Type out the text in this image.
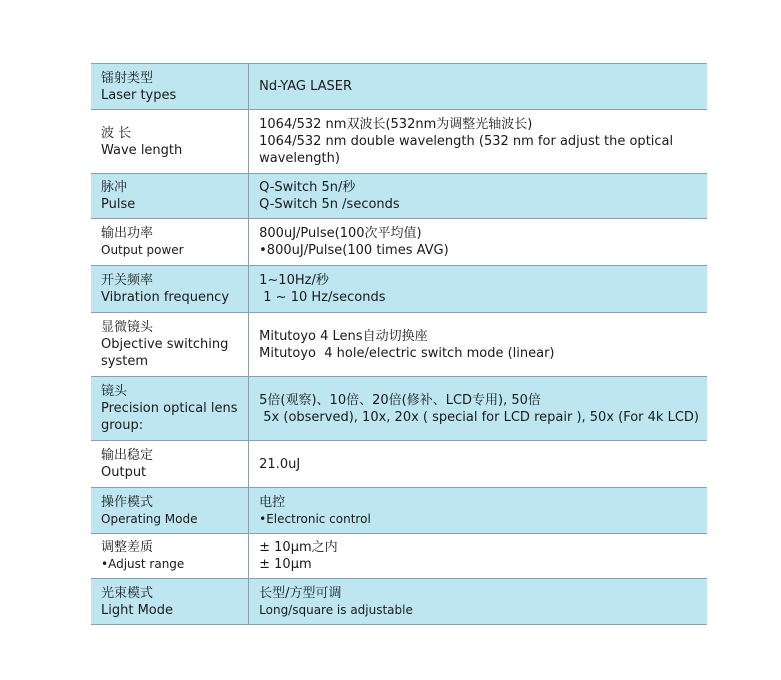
镭射类型
Laser types	Nd-YAG LASER

波 长
Wave length	1064/532 nm双波长(532nm为调整光轴波长)
1064/532 nm double wavelength (532 nm for adjust the optical
wavelength)

脉冲
Pulse	Q-Switch 5n/秒
Q-Switch 5n /seconds

输出功率
Output power	800uJ/Pulse(100次平均值)
•800uJ/Pulse(100 times AVG)

开关频率
Vibration frequency	1~10Hz/秒
1 ~ 10 Hz/seconds

显微镜头
Objective switching
system	Mitutoyo 4 Lens自动切换座
Mitutoyo  4 hole/electric switch mode (linear)

镜头
Precision optical lens
group:	5倍(观察)、10倍、20倍(修补、LCD专用), 50倍
5x (observed), 10x, 20x ( special for LCD repair ), 50x (For 4k LCD)

输出稳定
Output	21.0uJ

操作模式
Operating Mode	电控
•Electronic control

调整差质
•Adjust range	± 10μm之内
± 10μm

光束模式
Light Mode	长型/方型可调
Long/square is adjustable
